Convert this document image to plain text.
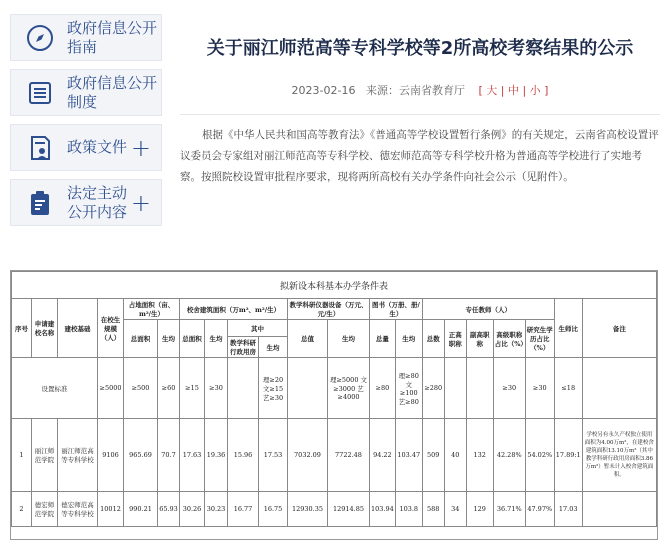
政府信息公开指南
政府信息公开制度
政策文件 +
法定主动公开内容 +
关于丽江师范高等专科学校等2所高校考察结果的公示
2023-02-16 来源：云南省教育厅 [ 大 | 中 | 小 ]

根据《中华人民共和国高等教育法》《普通高等学校设置暂行条例》的有关规定，云南省高校设置评议委员会专家组对丽江师范高等专科学校、德宏师范高等专科学校升格为普通高等学校进行了实地考察。按照院校设置审批程序要求，现将两所高校有关办学条件向社会公示（见附件）。

拟新设本科基本办学条件表																				
序号	申请建校名称	建校基础	在校生规模（人）	占地面积（亩、m²/生）		校舍建筑面积（万m²、m²/生）				教学科研仪器设备（万元、元/生）		图书（万册、册/生）		专任教师（人）					生师比	备注
				总面积	生均	总面积	生均	其中		总值	生均	总量	生均	总数	正高职称	副高职称	高级职称占比（%）	研究生学历占比（%）		
								教学科研行政用房	生均											
设置标准			≥5000	≥500	≥60	≥15	≥30		理≥20 文≥15 艺≥30		理≥5000 文≥3000 艺≥4000	≥80	理≥80 文≥100 艺≥80	≥280			≥30	≥30	≤18	
1	丽江师范学院	丽江师范高等专科学校	9106	965.69	70.7	17.63	19.36	15.96	17.53	7032.09	7722.48	94.22	103.47	509	40	132	42.28%	54.02%	17.89:1	学校另有永久产权独立使用面积为4.00万m²，在建校舍建筑面积13.10万m²（其中教学科研行政用房面积3.86万m²）暂未计入校舍建筑面积。
2	德宏师范学院	德宏师范高等专科学校	10012	990.21	65.93	30.26	30.23	16.77	16.75	12930.35	12914.85	103.94	103.8	588	34	129	36.71%	47.97%	17.03	
